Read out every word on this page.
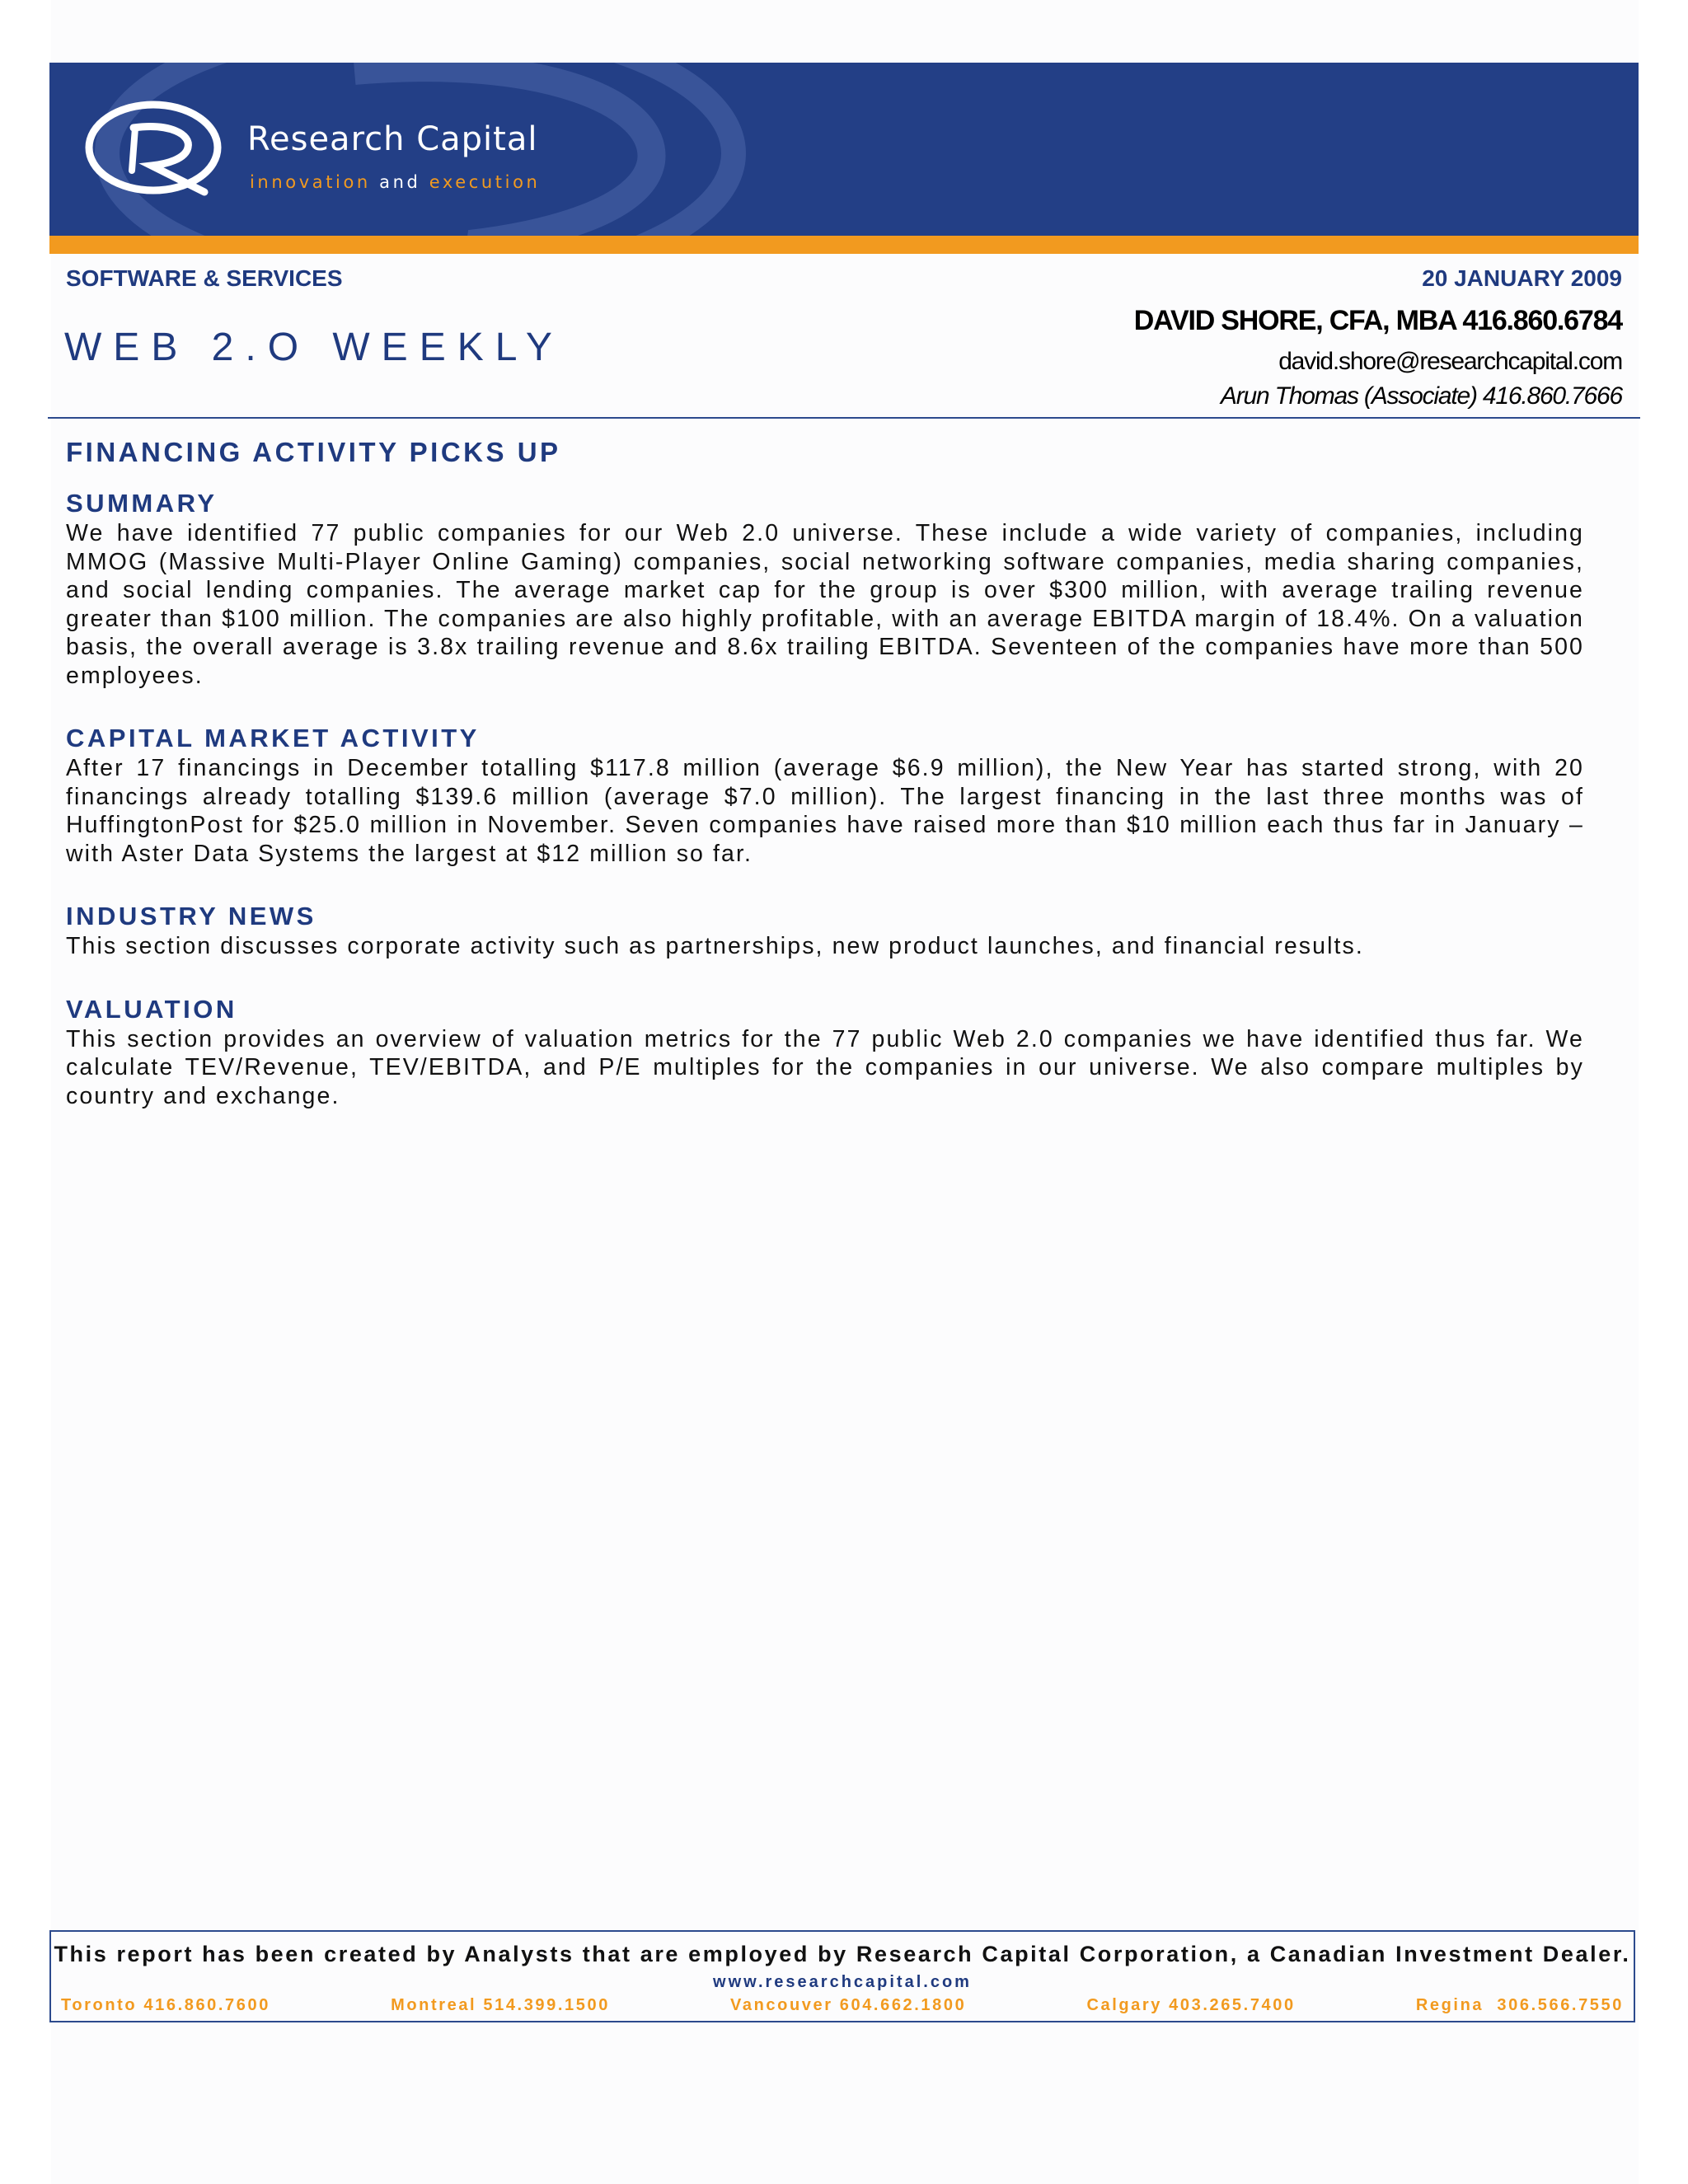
Research Capital
innovation and execution
SOFTWARE & SERVICES	20 JANUARY 2009
WEB 2.O WEEKLY
DAVID SHORE, CFA, MBA 416.860.6784
david.shore@researchcapital.com
Arun Thomas (Associate) 416.860.7666
FINANCING ACTIVITY PICKS UP
SUMMARY

We have identified 77 public companies for our Web 2.0 universe. These include a wide variety of companies, including MMOG (Massive Multi-Player Online Gaming) companies, social networking software companies, media sharing companies, and social lending companies. The average market cap for the group is over $300 million, with average trailing revenue greater than $100 million. The companies are also highly profitable, with an average EBITDA margin of 18.4%. On a valuation basis, the overall average is 3.8x trailing revenue and 8.6x trailing EBITDA. Seventeen of the companies have more than 500 employees.

CAPITAL MARKET ACTIVITY

After 17 financings in December totalling $117.8 million (average $6.9 million), the New Year has started strong, with 20 financings already totalling $139.6 million (average $7.0 million). The largest financing in the last three months was of HuffingtonPost for $25.0 million in November. Seven companies have raised more than $10 million each thus far in January – with Aster Data Systems the largest at $12 million so far.

INDUSTRY NEWS

This section discusses corporate activity such as partnerships, new product launches, and financial results.

VALUATION

This section provides an overview of valuation metrics for the 77 public Web 2.0 companies we have identified thus far. We calculate TEV/Revenue, TEV/EBITDA, and P/E multiples for the companies in our universe. We also compare multiples by country and exchange.

This report has been created by Analysts that are employed by Research Capital Corporation, a Canadian Investment Dealer.
www.researchcapital.com
Toronto 416.860.7600	Montreal 514.399.1500	Vancouver 604.662.1800	Calgary 403.265.7400	Regina  306.566.7550
